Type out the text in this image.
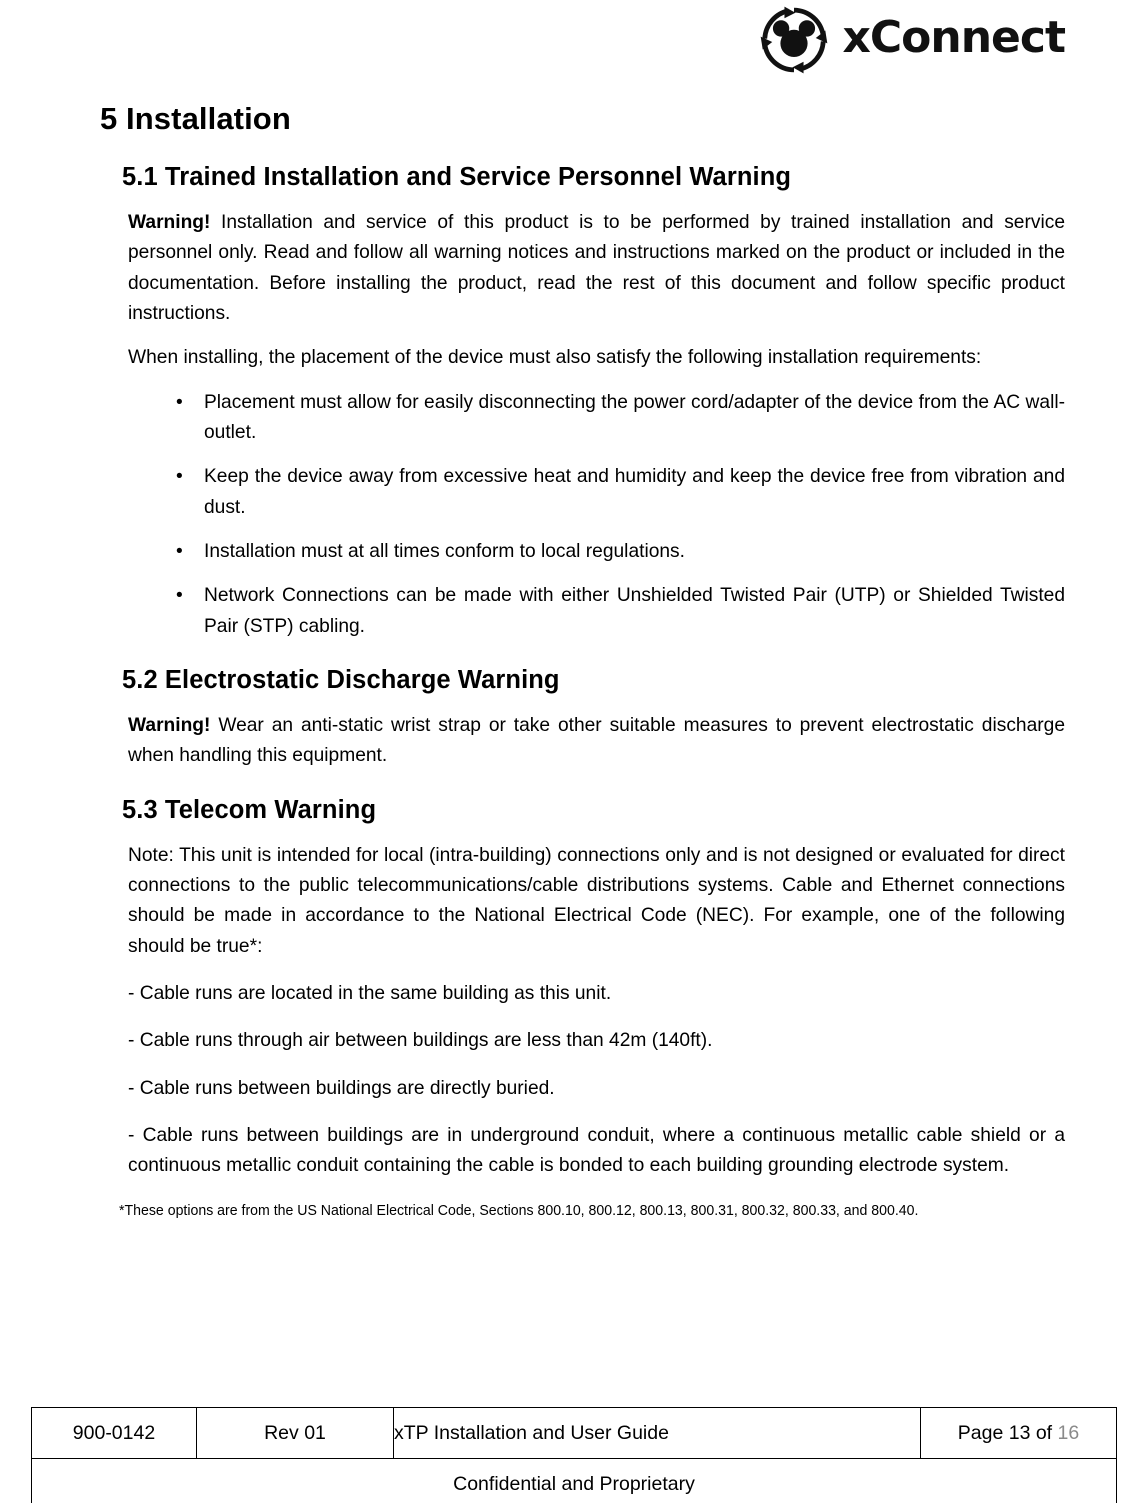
xConnect
5 Installation
5.1 Trained Installation and Service Personnel Warning

Warning! Installation and service of this product is to be performed by trained installation and service personnel only. Read and follow all warning notices and instructions marked on the product or included in the documentation. Before installing the product, read the rest of this document and follow specific product instructions.

When installing, the placement of the device must also satisfy the following installation requirements:

• Placement must allow for easily disconnecting the power cord/adapter of the device from the AC wall-outlet.
• Keep the device away from excessive heat and humidity and keep the device free from vibration and dust.
• Installation must at all times conform to local regulations.
• Network Connections can be made with either Unshielded Twisted Pair (UTP) or Shielded Twisted Pair (STP) cabling.
5.2 Electrostatic Discharge Warning

Warning! Wear an anti-static wrist strap or take other suitable measures to prevent electrostatic discharge when handling this equipment.

5.3 Telecom Warning

Note: This unit is intended for local (intra-building) connections only and is not designed or evaluated for direct connections to the public telecommunications/cable distributions systems. Cable and Ethernet connections should be made in accordance to the National Electrical Code (NEC). For example, one of the following should be true*:

- Cable runs are located in the same building as this unit.

- Cable runs through air between buildings are less than 42m (140ft).

- Cable runs between buildings are directly buried.

- Cable runs between buildings are in underground conduit, where a continuous metallic cable shield or a continuous metallic conduit containing the cable is bonded to each building grounding electrode system.

*These options are from the US National Electrical Code, Sections 800.10, 800.12, 800.13, 800.31, 800.32, 800.33, and 800.40.

900-0142	Rev 01	xTP Installation and User Guide	Page 13 of 16
Confidential and Proprietary
